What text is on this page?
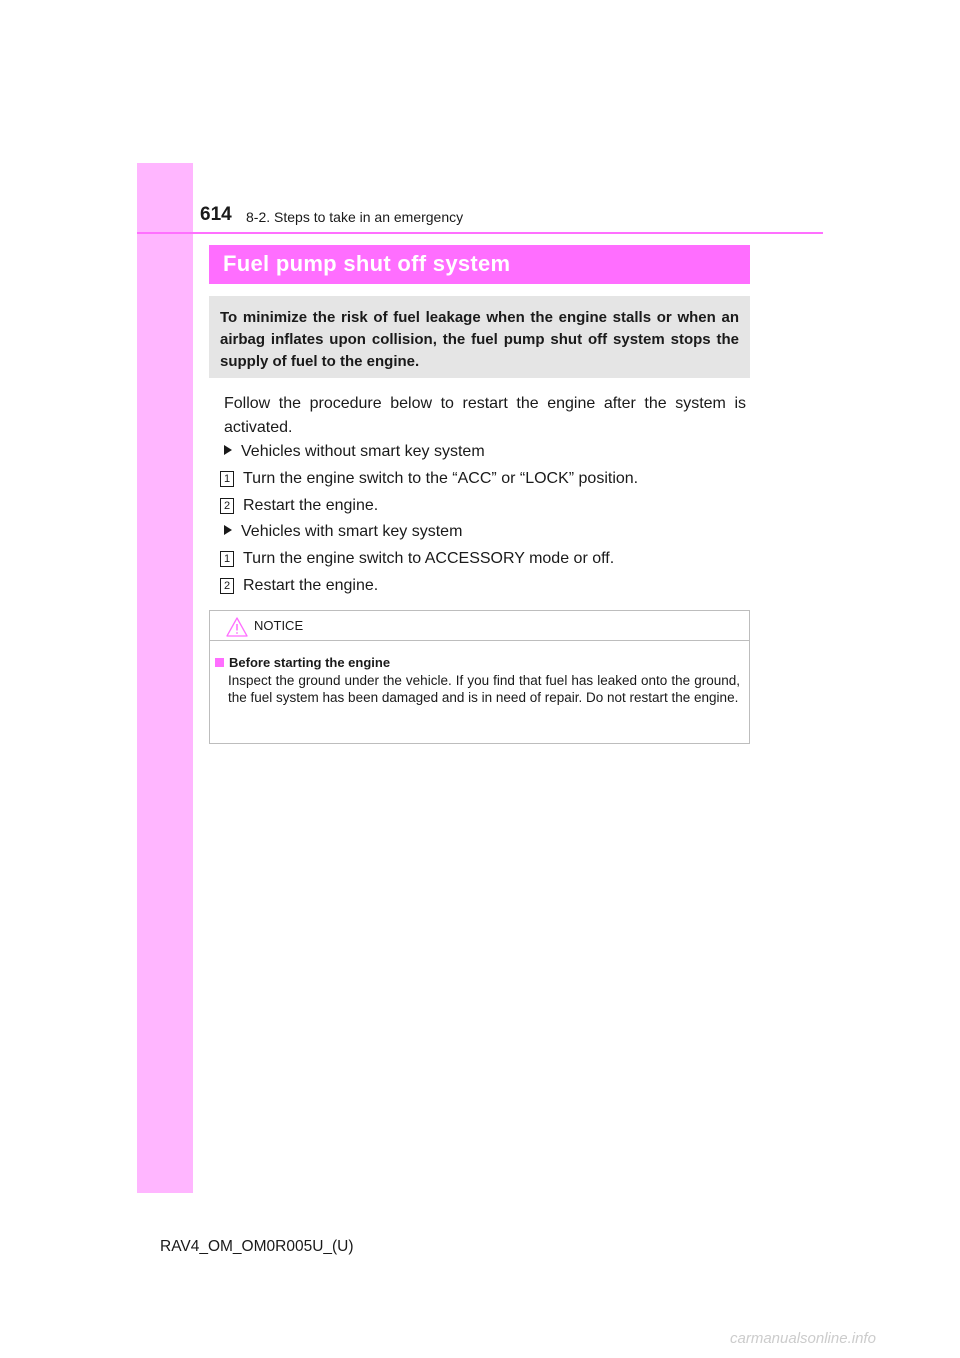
614 8-2. Steps to take in an emergency
Fuel pump shut off system

To minimize the risk of fuel leakage when the engine stalls or when an airbag inflates upon collision, the fuel pump shut off system stops the supply of fuel to the engine.

Follow the procedure below to restart the engine after the system is activated.

Vehicles without smart key system
1 Turn the engine switch to the “ACC” or “LOCK” position.
2 Restart the engine.
Vehicles with smart key system
1 Turn the engine switch to ACCESSORY mode or off.
2 Restart the engine.
NOTICE
Before starting the engine

Inspect the ground under the vehicle. If you find that fuel has leaked onto the ground, the fuel system has been damaged and is in need of repair. Do not restart the engine.

RAV4_OM_OM0R005U_(U)
carmanualsonline.info
